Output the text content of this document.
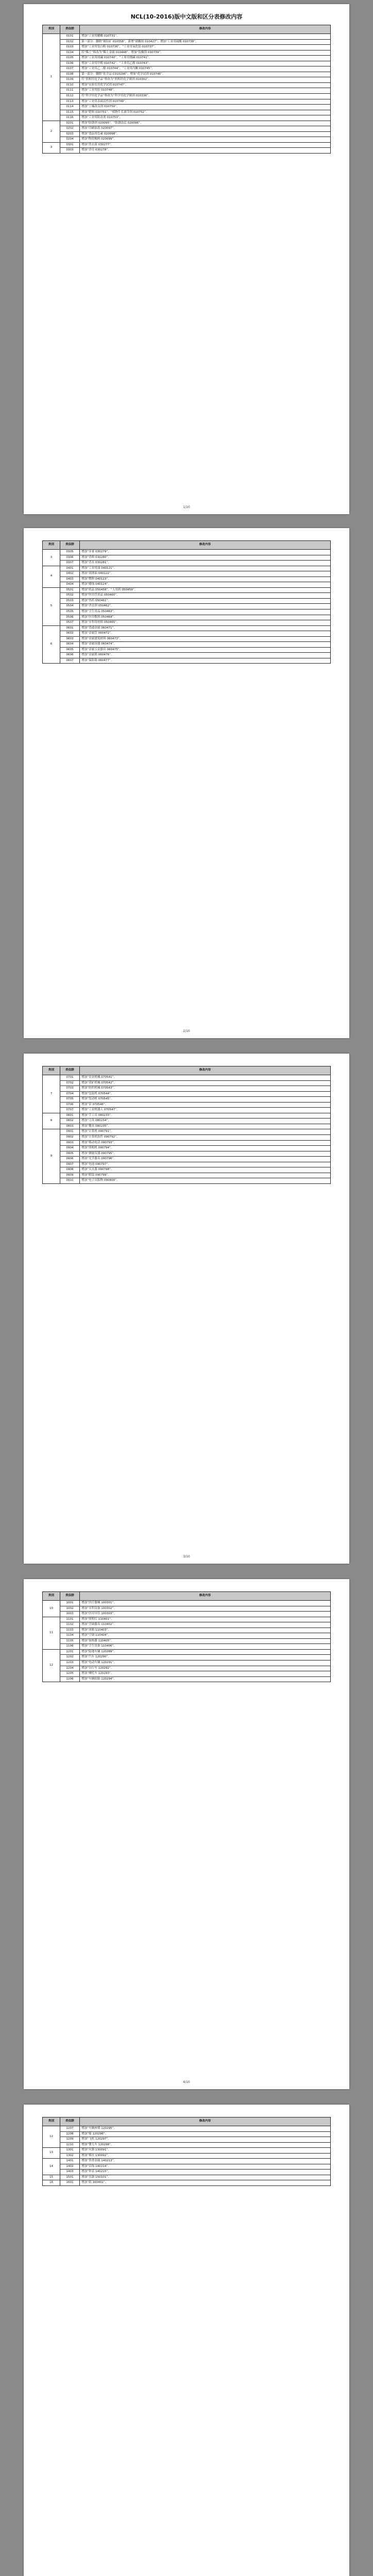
NCL(10-2016)版中文版和区分表修改内容
类别	类似群	修改内容
1	0101	增加“工业用醋酸 010731”。
	0102	第一部分：删除“褐铅矿 010358”，新增“硝酸铵 010427”；增加“工业用硫酸 010738”。
	0103	增加“工业用钛白粉 010736”，“工业用氧化铝 010737”。
	0104	将“稀土”修改为“稀土金属 010448”；增加“钛酸钡 010739”。
	0105	增加“工业用纯碱 010740”，“工业用烧碱 010741”。
	0106	增加“工业用甲醇 010742”，“工业用乙醇 010743”。
	0107	增加“工业用乙二醇 010744”，“工业用丙酮 010745”。
	0108	第一部分：删除“化学品 C010296”；增加“化学试剂 010746”。
	0109	将“照相用化学品”修改为“照相用化学制剂 010302”。
	0110	增加“实验室用化学试剂 010747”。
	0111	增加“工业用胶 010748”。
	0112	将“科学用化学品”修改为“科学用化学制剂 010336”。
	0113	增加“工业用表面活性剂 010749”。
	0114	增加“土壤改良剂 010750”。
	0115	增加“肥料 010751”，“植物生长调节剂 010752”。
	0116	增加“工业用防冻剂 010753”。
2	0201	增加“防锈剂 020095”，“防锈涂层 020096”。
	0202	增加“印刷油墨 020097”。
	0203	增加“食品用色素 020098”。
	0204	增加“陶瓷釉料 020099”。
3	0301	增加“洗衣液 030277”。
	0303	增加“香皂 030278”。
1/10
类别	类似群	修改内容
3	0305	增加“牙膏 030279”。
	0306	增加“香料 030280”。
	0307	增加“香水 030281”。
4	0401	增加“工业用油 040121”。
	0402	增加“润滑油 040122”。
	0403	增加“燃料 040123”。
	0404	增加“蜡烛 040124”。
5	0501	增加“药品 050458”，“人用药 050459”。
	0502	增加“医用营养品 050460”。
	0503	增加“兽药 050461”。
	0504	增加“杀虫剂 050462”。
	0505	增加“卫生用品 050463”。
	0506	增加“医用敷料 050464”。
	0507	增加“牙科用材料 050465”。
6	0601	增加“普通金属 060471”。
	0602	增加“金属管 060472”。
	0603	增加“金属建筑材料 060473”。
	0604	增加“金属容器 060474”。
	0605	增加“金属五金器具 060475”。
	0606	增加“金属锁 060476”。
	0607	增加“保险箱 060477”。
2/10
类别	类似群	修改内容
7	0701	增加“农业机械 070541”。
	0702	增加“采矿机械 070542”。
	0703	增加“纺织机械 070543”。
	0704	增加“包装机 070544”。
	0705	增加“发动机 070545”。
	0706	增加“泵 070546”。
	0707	增加“工业机器人 070547”。
8	0801	增加“手工具 080233”。
	0802	增加“刀具 080234”。
	0803	增加“餐具 080235”。
9	0901	增加“计算机 090791”。
	0902	增加“计算机软件 090792”。
	0903	增加“移动电话 090793”。
	0904	增加“照相机 090794”。
	0905	增加“测量仪器 090795”。
	0906	增加“光学器具 090796”。
	0907	增加“电池 090797”。
	0908	增加“灭火器 090798”。
	0909	增加“眼镜 090799”。
	0910	增加“电子出版物 090800”。
3/10
类别	类似群	修改内容
10	1001	增加“医疗器械 100301”。
	1002	增加“牙科设备 100302”。
	1003	增加“医用导管 100303”。
11	1101	增加“照明灯 110401”。
	1102	增加“烹调器具 110402”。
	1103	增加“冰箱 110403”。
	1104	增加“空调 110404”。
	1105	增加“加热器 110405”。
	1106	增加“卫生设备 110406”。
12	1201	增加“陆地车辆 120289”。
	1202	增加“汽车 120290”。
	1203	增加“电动车辆 120291”。
	1204	增加“自行车 120292”。
	1205	增加“摩托车 120293”。
	1206	增加“车辆轮胎 120294”。
4/10
类别	类似群	修改内容
12	1207	增加“车辆座椅 120295”。
	1208	增加“船 120296”。
	1209	增加“飞机 120297”。
	1210	增加“婴儿车 120298”。
13	1301	增加“火器 130091”。
	1302	增加“烟火 130092”。
14	1401	增加“贵重金属 140213”。
	1402	增加“首饰 140214”。
	1403	增加“钟表 140215”。
15	1501	增加“乐器 150101”。
16	1601	增加“纸 160401”。
